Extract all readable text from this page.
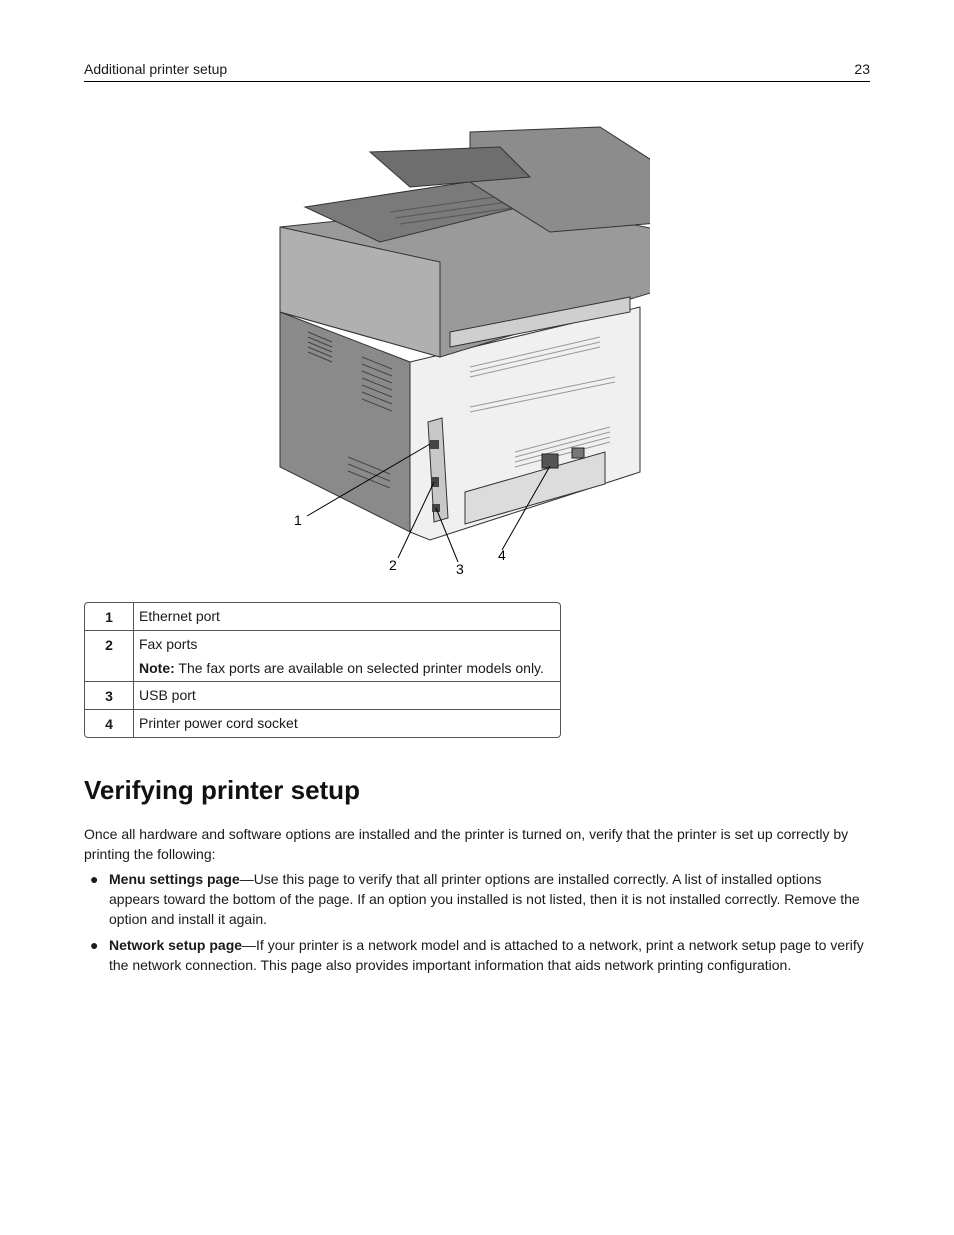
Additional printer setup	23
1
2	3
4
1	Ethernet port
2	Fax ports
Note: The fax ports are available on selected printer models only.

3	USB port
4	Printer power cord socket
Verifying printer setup

Once all hardware and software options are installed and the printer is turned on, verify that the printer is set up correctly by printing the following:

● Menu settings page—Use this page to verify that all printer options are installed correctly. A list of installed options appears toward the bottom of the page. If an option you installed is not listed, then it is not installed correctly. Remove the option and install it again.
● Network setup page—If your printer is a network model and is attached to a network, print a network setup page to verify the network connection. This page also provides important information that aids network printing configuration.
